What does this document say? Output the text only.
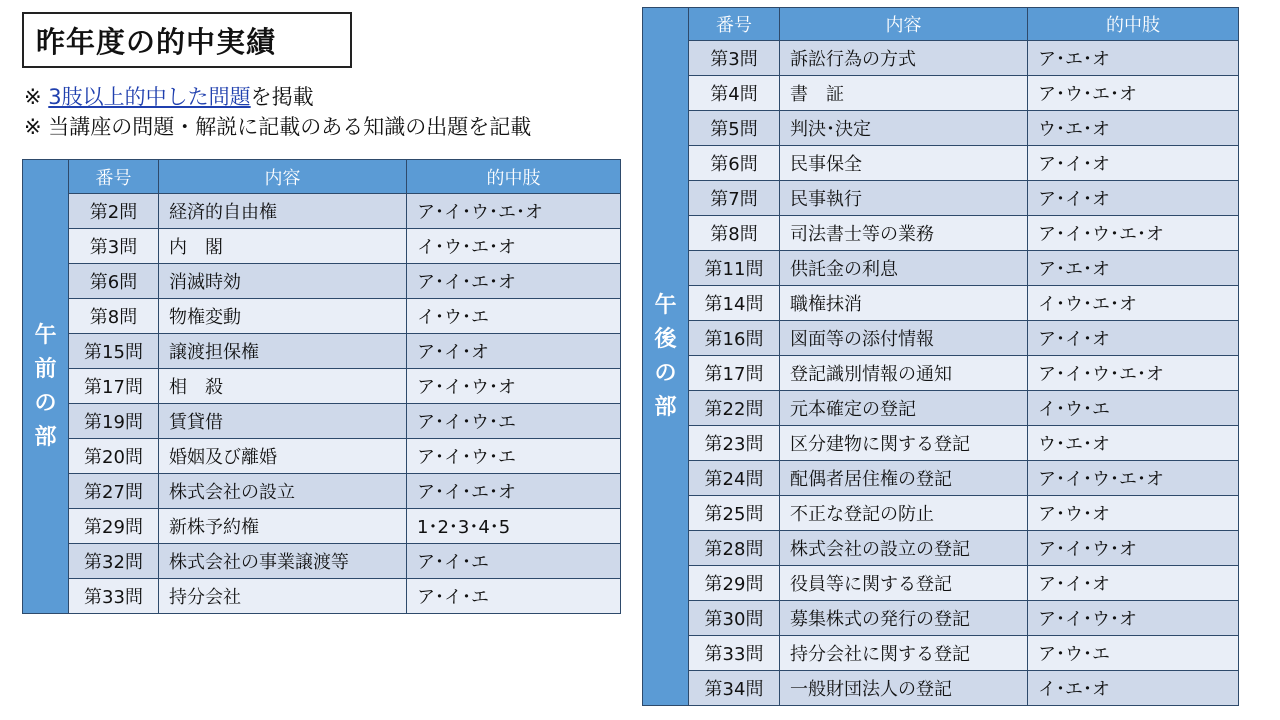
昨年度の的中実績
※ 3肢以上的中した問題を掲載
※ 当講座の問題・解説に記載のある知識の出題を記載
午
前
の
部	番号	内容	的中肢
	第2問	経済的自由権	ア･イ･ウ･エ･オ
	第3問	内　閣	イ･ウ･エ･オ
	第6問	消滅時効	ア･イ･エ･オ
	第8問	物権変動	イ･ウ･エ
	第15問	譲渡担保権	ア･イ･オ
	第17問	相　殺	ア･イ･ウ･オ
	第19問	賃貸借	ア･イ･ウ･エ
	第20問	婚姻及び離婚	ア･イ･ウ･エ
	第27問	株式会社の設立	ア･イ･エ･オ
	第29問	新株予約権	1･2･3･4･5
	第32問	株式会社の事業譲渡等	ア･イ･エ
	第33問	持分会社	ア･イ･エ
午
後
の
部	番号	内容	的中肢
	第3問	訴訟行為の方式	ア･エ･オ
	第4問	書　証	ア･ウ･エ･オ
	第5問	判決･決定	ウ･エ･オ
	第6問	民事保全	ア･イ･オ
	第7問	民事執行	ア･イ･オ
	第8問	司法書士等の業務	ア･イ･ウ･エ･オ
	第11問	供託金の利息	ア･エ･オ
	第14問	職権抹消	イ･ウ･エ･オ
	第16問	図面等の添付情報	ア･イ･オ
	第17問	登記識別情報の通知	ア･イ･ウ･エ･オ
	第22問	元本確定の登記	イ･ウ･エ
	第23問	区分建物に関する登記	ウ･エ･オ
	第24問	配偶者居住権の登記	ア･イ･ウ･エ･オ
	第25問	不正な登記の防止	ア･ウ･オ
	第28問	株式会社の設立の登記	ア･イ･ウ･オ
	第29問	役員等に関する登記	ア･イ･オ
	第30問	募集株式の発行の登記	ア･イ･ウ･オ
	第33問	持分会社に関する登記	ア･ウ･エ
	第34問	一般財団法人の登記	イ･エ･オ
